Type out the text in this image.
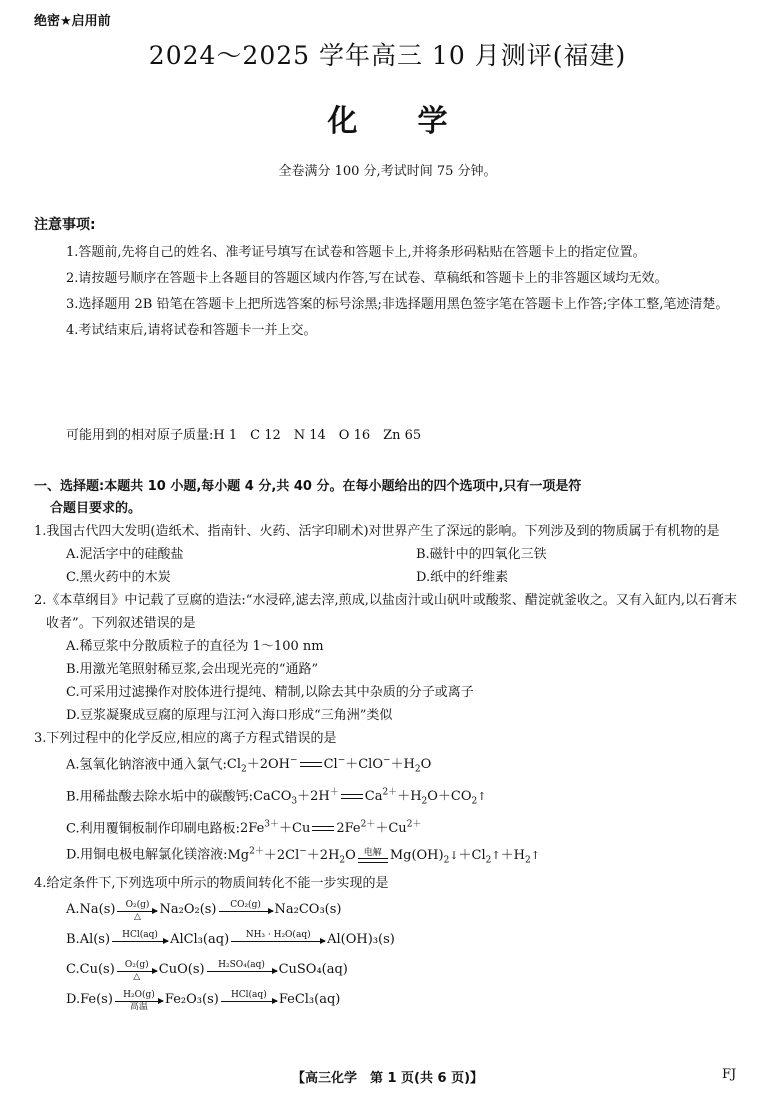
绝密★启用前
2024～2025 学年高三 10 月测评(福建)
化学
全卷满分 100 分,考试时间 75 分钟。
注意事项:
1.答题前,先将自己的姓名、准考证号填写在试卷和答题卡上,并将条形码粘贴在答题卡上的指定位置。
2.请按题号顺序在答题卡上各题目的答题区域内作答,写在试卷、草稿纸和答题卡上的非答题区域均无效。
3.选择题用 2B 铅笔在答题卡上把所选答案的标号涂黑;非选择题用黑色签字笔在答题卡上作答;字体工整,笔迹清楚。
4.考试结束后,请将试卷和答题卡一并上交。
可能用到的相对原子质量:H 1　C 12　N 14　O 16　Zn 65
一、选择题:本题共 10 小题,每小题 4 分,共 40 分。在每小题给出的四个选项中,只有一项是符
合题目要求的。
1.我国古代四大发明(造纸术、指南针、火药、活字印刷术)对世界产生了深远的影响。下列涉及到的物质属于有机物的是
A.泥活字中的硅酸盐	B.磁针中的四氧化三铁
C.黑火药中的木炭	D.纸中的纤维素
2.《本草纲目》中记载了豆腐的造法:“水浸碎,滤去滓,煎成,以盐卤汁或山矾叶或酸浆、醋淀就釜收之。又有入缸内,以石膏末收者”。下列叙述错误的是
A.稀豆浆中分散质粒子的直径为 1～100 nm
B.用激光笔照射稀豆浆,会出现光亮的“通路”
C.可采用过滤操作对胶体进行提纯、精制,以除去其中杂质的分子或离子
D.豆浆凝聚成豆腐的原理与江河入海口形成“三角洲”类似
3.下列过程中的化学反应,相应的离子方程式错误的是
A.氢氧化钠溶液中通入氯气$:Cl_2+2OH^-$ $Cl^-+ClO^-+H_2O$
B.用稀盐酸去除水垢中的碳酸钙:CaCO$_3$＋2H＋ $Ca^{2+}+H_2O+CO_2↑$
C.利用覆铜板制作印刷电路板$:2Fe^{3+}+Cu$ $2Fe^{2+}+Cu^{2+}$
D.用铜电极电解氯化镁溶液$:Mg^{2+}+2Cl^-+2H_2O$ 电解 $Mg(OH)_2↓+Cl_2↑+H_2↑$
4.给定条件下,下列选项中所示的物质间转化不能一步实现的是
A.Na(s) O₂(g)
△ Na₂O₂(s) CO₂(g) Na₂CO₃(s)
B.Al(s) HCl(aq) AlCl₃(aq) NH₃ · H₂O(aq) Al(OH)₃(s)
C.Cu(s) O₂(g)
△ CuO(s) H₂SO₄(aq) CuSO₄(aq)
D.Fe(s) H₂O(g)
高温 Fe₂O₃(s) HCl(aq) FeCl₃(aq)
【高三化学　第 1 页(共 6 页)】	FJ
